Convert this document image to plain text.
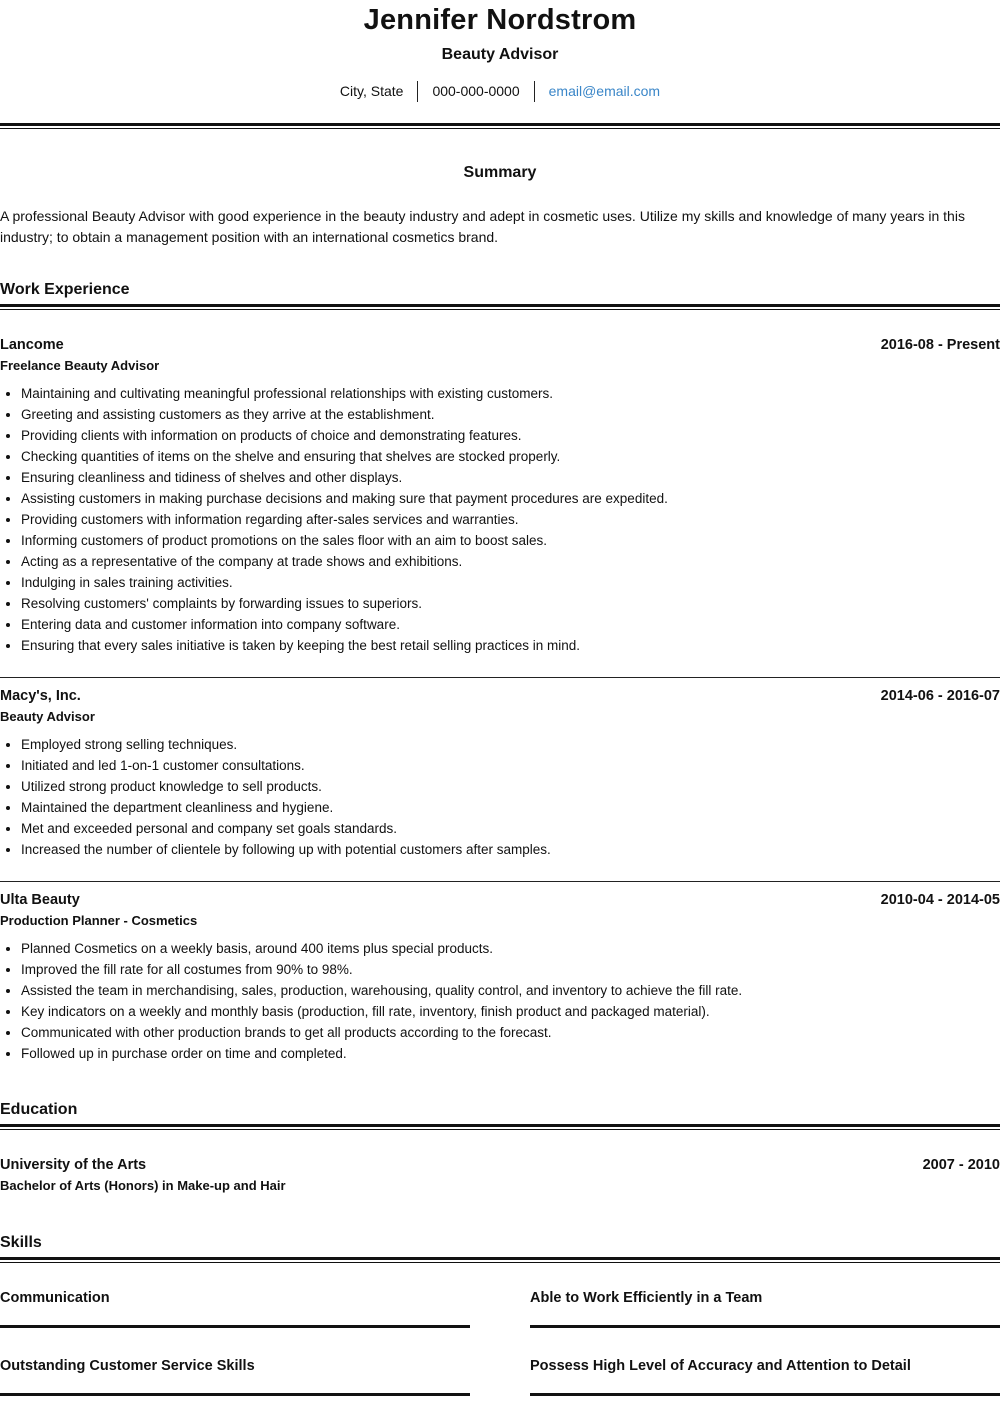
Jennifer Nordstrom
Beauty Advisor
City, State	000-000-0000	email@email.com
Summary
A professional Beauty Advisor with good experience in the beauty industry and adept in cosmetic uses. Utilize my skills and knowledge of many years in this industry; to obtain a management position with an international cosmetics brand.
Work Experience
Lancome	2016-08 - Present
Freelance Beauty Advisor
• Maintaining and cultivating meaningful professional relationships with existing customers.
• Greeting and assisting customers as they arrive at the establishment.
• Providing clients with information on products of choice and demonstrating features.
• Checking quantities of items on the shelve and ensuring that shelves are stocked properly.
• Ensuring cleanliness and tidiness of shelves and other displays.
• Assisting customers in making purchase decisions and making sure that payment procedures are expedited.
• Providing customers with information regarding after-sales services and warranties.
• Informing customers of product promotions on the sales floor with an aim to boost sales.
• Acting as a representative of the company at trade shows and exhibitions.
• Indulging in sales training activities.
• Resolving customers' complaints by forwarding issues to superiors.
• Entering data and customer information into company software.
• Ensuring that every sales initiative is taken by keeping the best retail selling practices in mind.
Macy's, Inc.	2014-06 - 2016-07
Beauty Advisor
• Employed strong selling techniques.
• Initiated and led 1-on-1 customer consultations.
• Utilized strong product knowledge to sell products.
• Maintained the department cleanliness and hygiene.
• Met and exceeded personal and company set goals standards.
• Increased the number of clientele by following up with potential customers after samples.
Ulta Beauty	2010-04 - 2014-05
Production Planner - Cosmetics
• Planned Cosmetics on a weekly basis, around 400 items plus special products.
• Improved the fill rate for all costumes from 90% to 98%.
• Assisted the team in merchandising, sales, production, warehousing, quality control, and inventory to achieve the fill rate.
• Key indicators on a weekly and monthly basis (production, fill rate, inventory, finish product and packaged material).
• Communicated with other production brands to get all products according to the forecast.
• Followed up in purchase order on time and completed.
Education
University of the Arts	2007 - 2010
Bachelor of Arts (Honors) in Make-up and Hair
Skills
Communication	Able to Work Efficiently in a Team
Outstanding Customer Service Skills	Possess High Level of Accuracy and Attention to Detail
